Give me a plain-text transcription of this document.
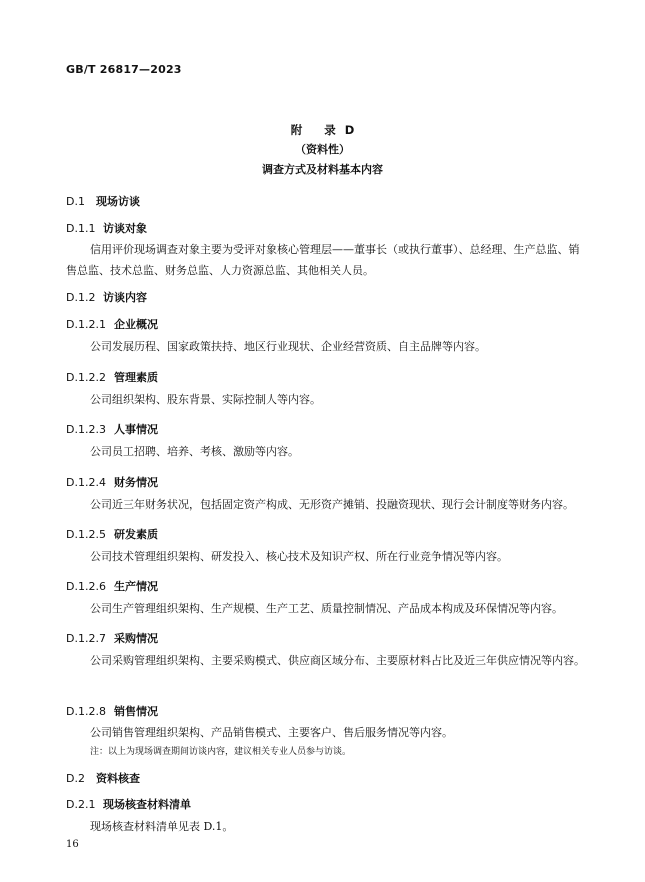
GB/T 26817—2023
附 录D
（资料性）
调查方式及材料基本内容
D.1 现场访谈
D.1.1 访谈对象
信用评价现场调查对象主要为受评对象核心管理层——董事长（或执行董事）、总经理、生产总监、销售总监、技术总监、财务总监、人力资源总监、其他相关人员。
D.1.2 访谈内容
D.1.2.1 企业概况
公司发展历程、国家政策扶持、地区行业现状、企业经营资质、自主品牌等内容。
D.1.2.2 管理素质
公司组织架构、股东背景、实际控制人等内容。
D.1.2.3 人事情况
公司员工招聘、培养、考核、激励等内容。
D.1.2.4 财务情况
公司近三年财务状况，包括固定资产构成、无形资产摊销、投融资现状、现行会计制度等财务内容。
D.1.2.5 研发素质
公司技术管理组织架构、研发投入、核心技术及知识产权、所在行业竞争情况等内容。
D.1.2.6 生产情况
公司生产管理组织架构、生产规模、生产工艺、质量控制情况、产品成本构成及环保情况等内容。
D.1.2.7 采购情况
公司采购管理组织架构、主要采购模式、供应商区域分布、主要原材料占比及近三年供应情况等内容。
D.1.2.8 销售情况
公司销售管理组织架构、产品销售模式、主要客户、售后服务情况等内容。
注：以上为现场调查期间访谈内容，建议相关专业人员参与访谈。
D.2 资料核查
D.2.1 现场核查材料清单
现场核查材料清单见表 D.1。
16
